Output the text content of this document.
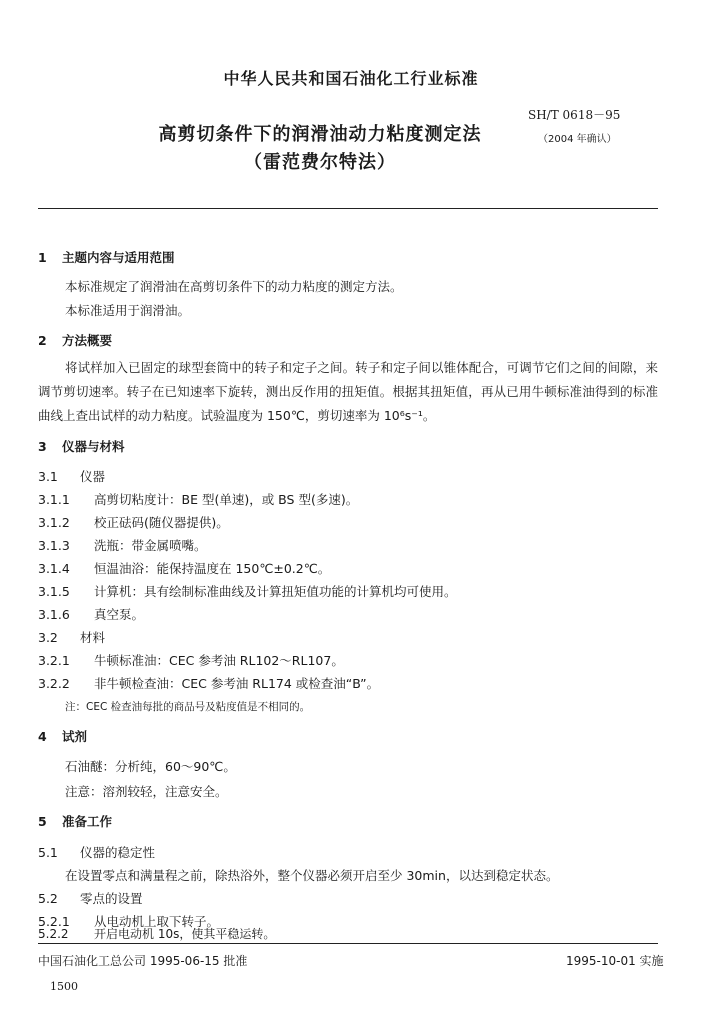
中华人民共和国石油化工行业标准
SH/T 0618－95
（2004 年确认）
高剪切条件下的润滑油动力粘度测定法
（雷范费尔特法）
1 主题内容与适用范围
本标准规定了润滑油在高剪切条件下的动力粘度的测定方法。
本标准适用于润滑油。
2 方法概要
将试样加入已固定的球型套筒中的转子和定子之间。转子和定子间以锥体配合，可调节它们之间的间隙，来调节剪切速率。转子在已知速率下旋转，测出反作用的扭矩值。根据其扭矩值，再从已用牛顿标准油得到的标准曲线上查出试样的动力粘度。试验温度为 150℃，剪切速率为 10⁶s⁻¹。
3 仪器与材料
3.1 仪器
3.1.1 高剪切粘度计：BE 型(单速)，或 BS 型(多速)。
3.1.2 校正砝码(随仪器提供)。
3.1.3 洗瓶：带金属喷嘴。
3.1.4 恒温油浴：能保持温度在 150℃±0.2℃。
3.1.5 计算机：具有绘制标准曲线及计算扭矩值功能的计算机均可使用。
3.1.6 真空泵。
3.2 材料
3.2.1 牛顿标准油：CEC 参考油 RL102～RL107。
3.2.2 非牛顿检查油：CEC 参考油 RL174 或检查油“B”。
注：CEC 检查油每批的商品号及粘度值是不相同的。
4 试剂
石油醚：分析纯，60～90℃。
注意：溶剂较轻，注意安全。
5 准备工作
5.1 仪器的稳定性
在设置零点和满量程之前，除热浴外，整个仪器必须开启至少 30min，以达到稳定状态。
5.2 零点的设置
5.2.1 从电动机上取下转子。
中国石油化工总公司 1995-06-15 批准	1995-10-01 实施
1500
5.2.2 开启电动机 10s，使其平稳运转。
